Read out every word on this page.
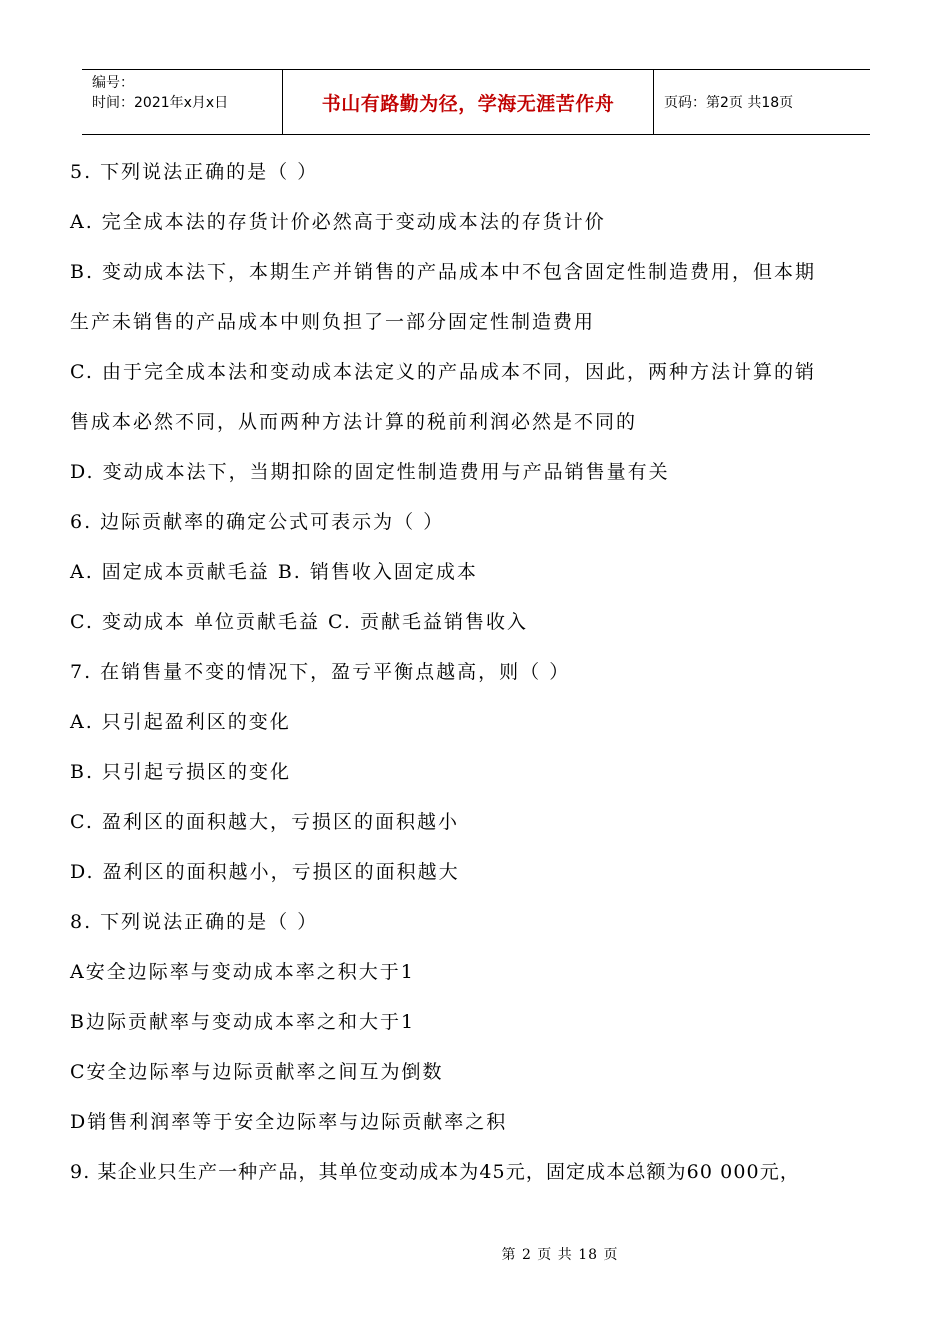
编号：
时间：2021年x月x日	书山有路勤为径，学海无涯苦作舟	页码：第2页 共18页
5. 下列说法正确的是（ ）
A. 完全成本法的存货计价必然高于变动成本法的存货计价
B. 变动成本法下，本期生产并销售的产品成本中不包含固定性制造费用，但本期
生产未销售的产品成本中则负担了一部分固定性制造费用
C. 由于完全成本法和变动成本法定义的产品成本不同，因此，两种方法计算的销
售成本必然不同，从而两种方法计算的税前利润必然是不同的
D. 变动成本法下，当期扣除的固定性制造费用与产品销售量有关
6. 边际贡献率的确定公式可表示为（ ）
A. 固定成本贡献毛益 B. 销售收入固定成本
C. 变动成本 单位贡献毛益 C. 贡献毛益销售收入
7. 在销售量不变的情况下，盈亏平衡点越高，则（ ）
A. 只引起盈利区的变化
B. 只引起亏损区的变化
C. 盈利区的面积越大，亏损区的面积越小
D. 盈利区的面积越小，亏损区的面积越大
8. 下列说法正确的是（ ）
A安全边际率与变动成本率之积大于1
B边际贡献率与变动成本率之和大于1
C安全边际率与边际贡献率之间互为倒数
D销售利润率等于安全边际率与边际贡献率之积
9. 某企业只生产一种产品，其单位变动成本为45元，固定成本总额为60 000元，
第 2 页 共 18 页
